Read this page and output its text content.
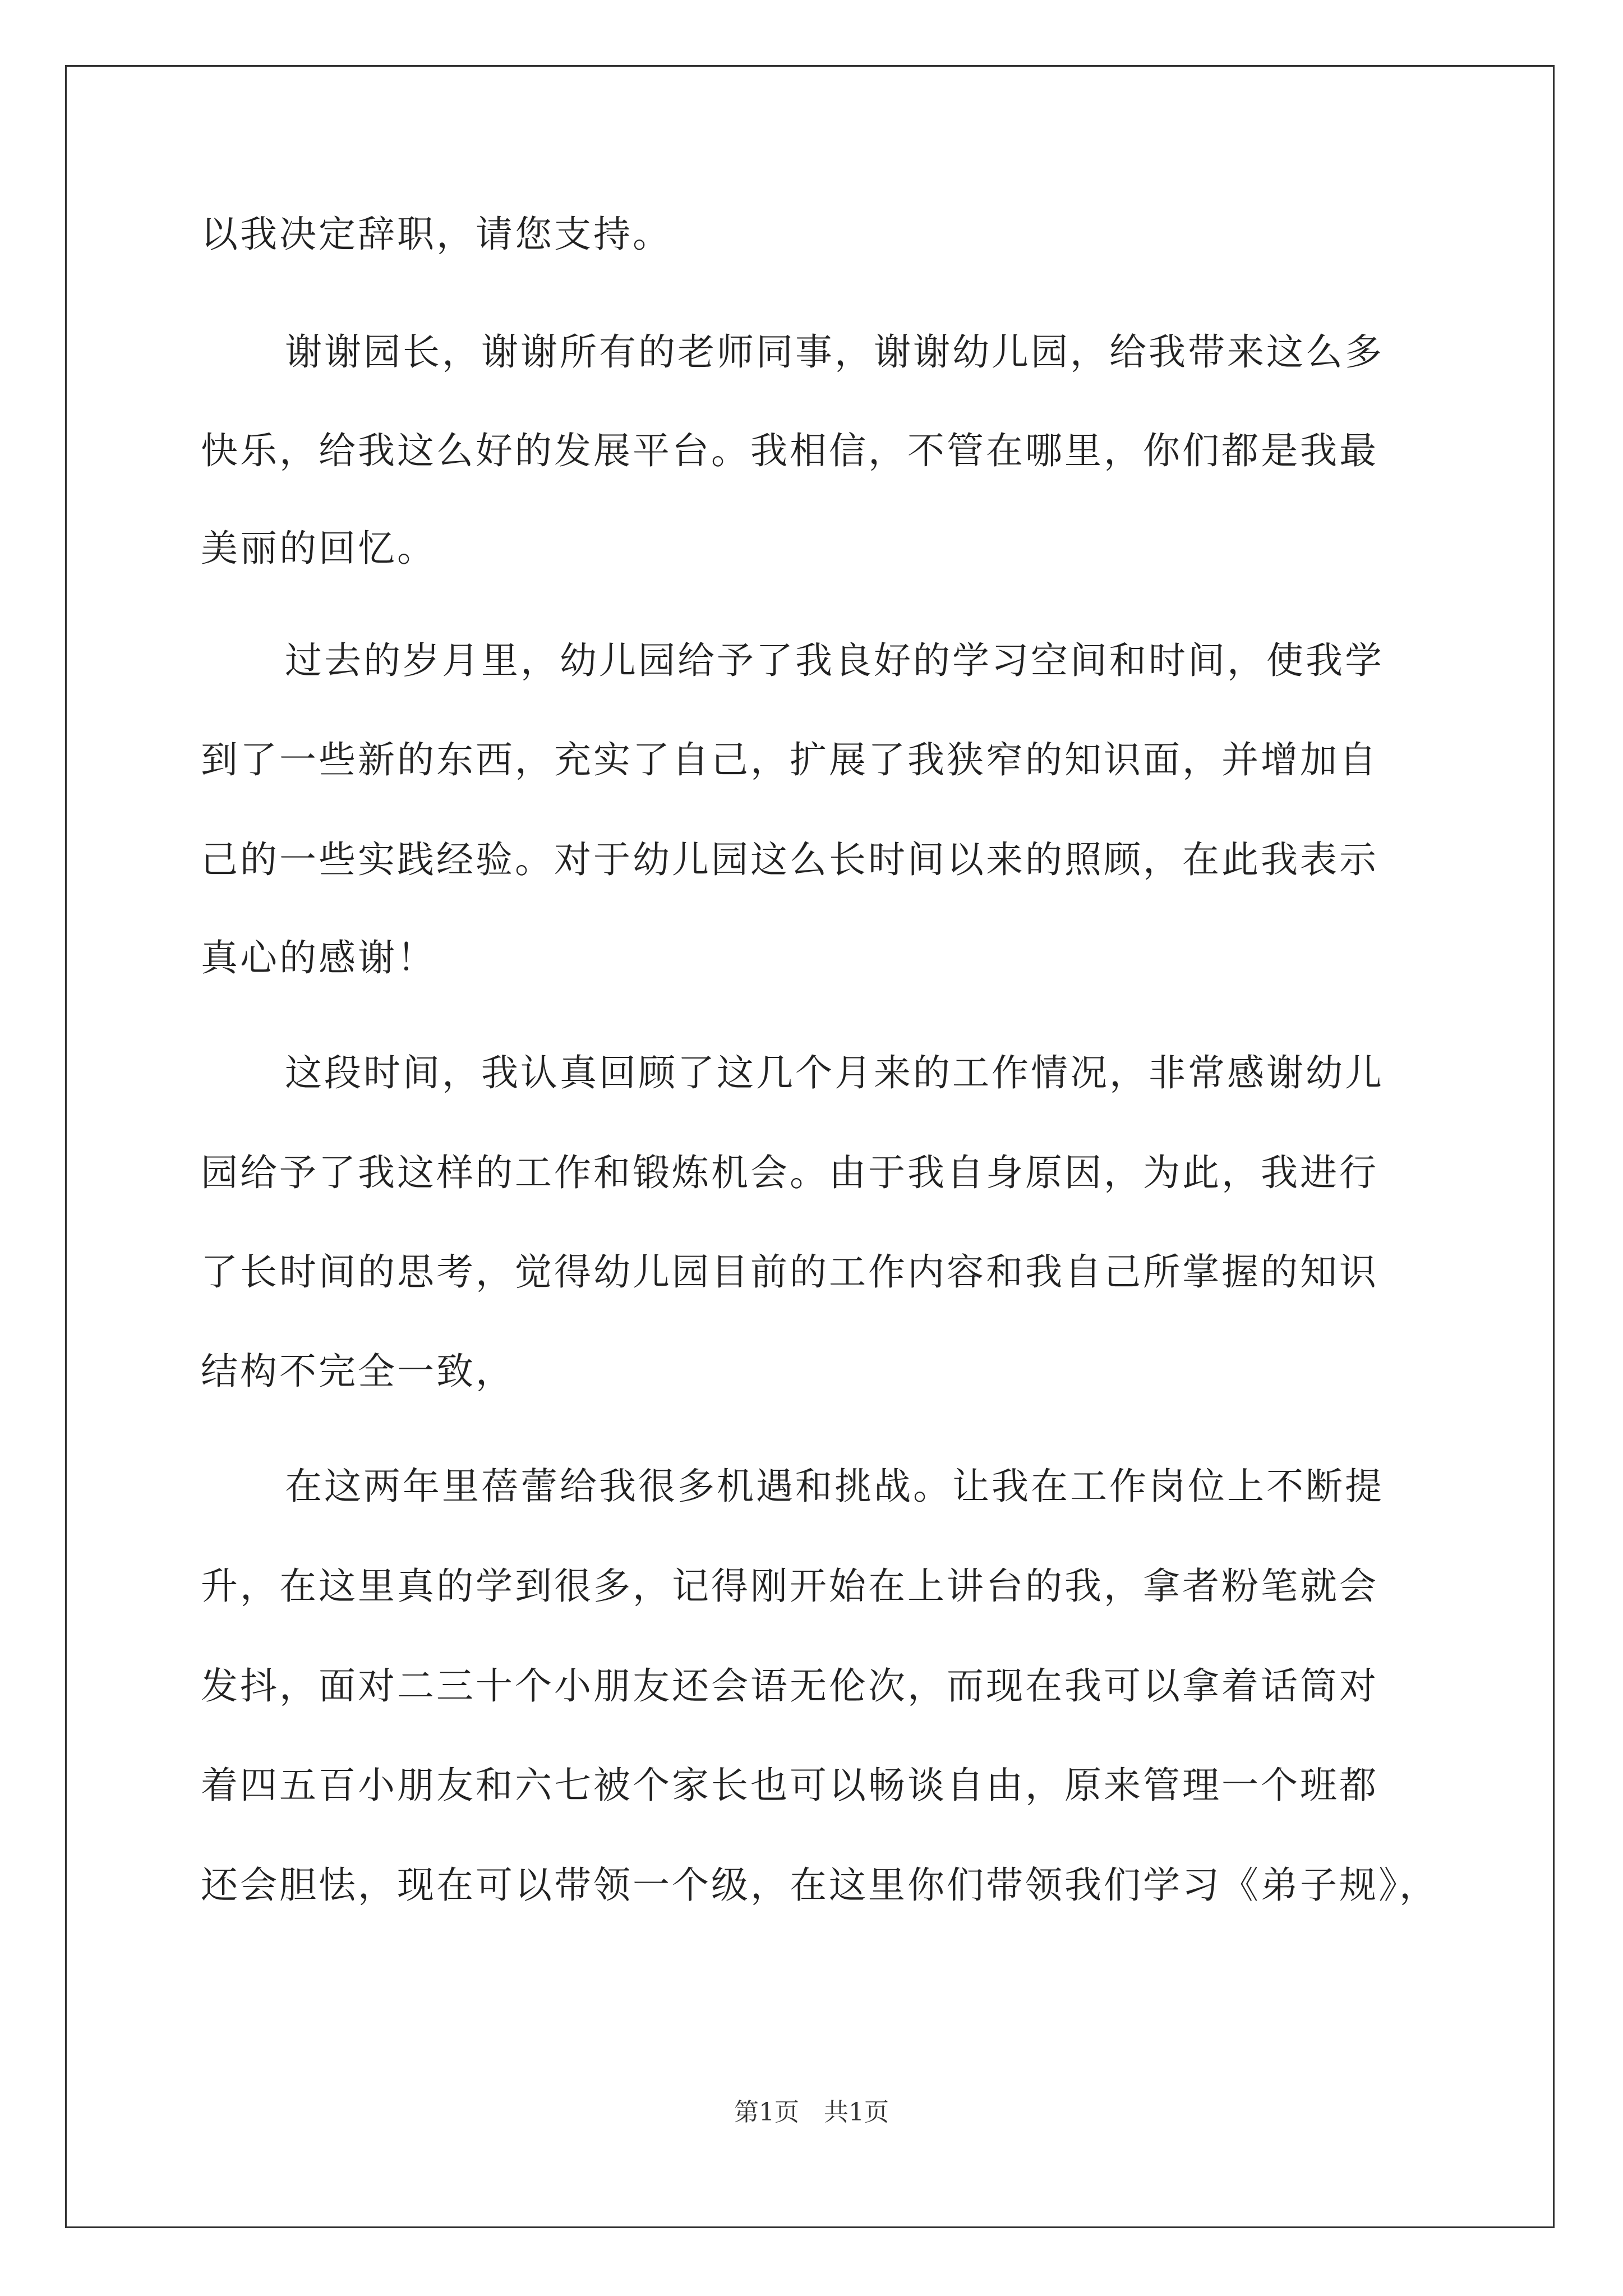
以我决定辞职，请您支持。
谢谢园长，谢谢所有的老师同事，谢谢幼儿园，给我带来这么多
快乐，给我这么好的发展平台。我相信，不管在哪里，你们都是我最
美丽的回忆。
过去的岁月里，幼儿园给予了我良好的学习空间和时间，使我学
到了一些新的东西，充实了自己，扩展了我狭窄的知识面，并增加自
己的一些实践经验。对于幼儿园这么长时间以来的照顾，在此我表示
真心的感谢！
这段时间，我认真回顾了这几个月来的工作情况，非常感谢幼儿
园给予了我这样的工作和锻炼机会。由于我自身原因，为此，我进行
了长时间的思考，觉得幼儿园目前的工作内容和我自己所掌握的知识
结构不完全一致，
在这两年里蓓蕾给我很多机遇和挑战。让我在工作岗位上不断提
升，在这里真的学到很多，记得刚开始在上讲台的我，拿者粉笔就会
发抖，面对二三十个小朋友还会语无伦次，而现在我可以拿着话筒对
着四五百小朋友和六七被个家长也可以畅谈自由，原来管理一个班都
还会胆怯，现在可以带领一个级，在这里你们带领我们学习《弟子规》，
第1页　共1页
